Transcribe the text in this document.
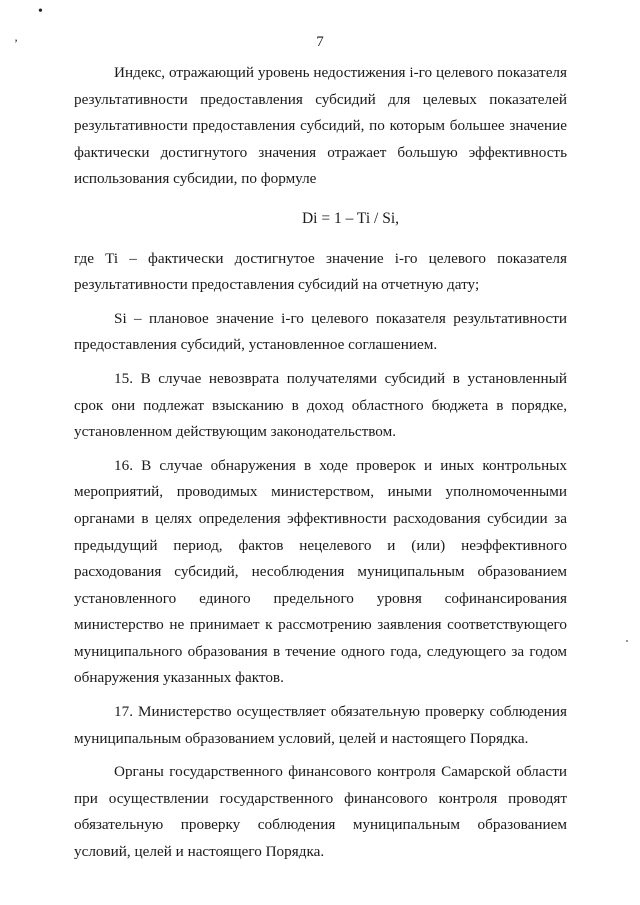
•
’	7

Индекс, отражающий уровень недостижения i-го целевого показателя результативности предоставления субсидий для целевых показателей результативности предоставления субсидий, по которым большее значение фактически достигнутого значения отражает большую эффективность использования субсидии, по формуле

Di = 1 – Ti / Si,

где Ti – фактически достигнутое значение i-го целевого показателя результативности предоставления субсидий на отчетную дату;

Si – плановое значение i-го целевого показателя результативности предоставления субсидий, установленное соглашением.

15. В случае невозврата получателями субсидий в установленный срок они подлежат взысканию в доход областного бюджета в порядке, установленном действующим законодательством.

16. В случае обнаружения в ходе проверок и иных контрольных мероприятий, проводимых министерством, иными уполномоченными органами в целях определения эффективности расходования субсидии за предыдущий период, фактов нецелевого и (или) неэффективного расходования субсидий, несоблюдения муниципальным образованием установленного единого предельного уровня софинансирования министерство не принимает к рассмотрению заявления соответствующего муниципального образования в течение одного года, следующего за годом обнаружения указанных фактов.

17. Министерство осуществляет обязательную проверку соблюдения муниципальным образованием условий, целей и настоящего Порядка.

Органы государственного финансового контроля Самарской области при осуществлении государственного финансового контроля проводят обязательную проверку соблюдения муниципальным образованием условий, целей и настоящего Порядка.
